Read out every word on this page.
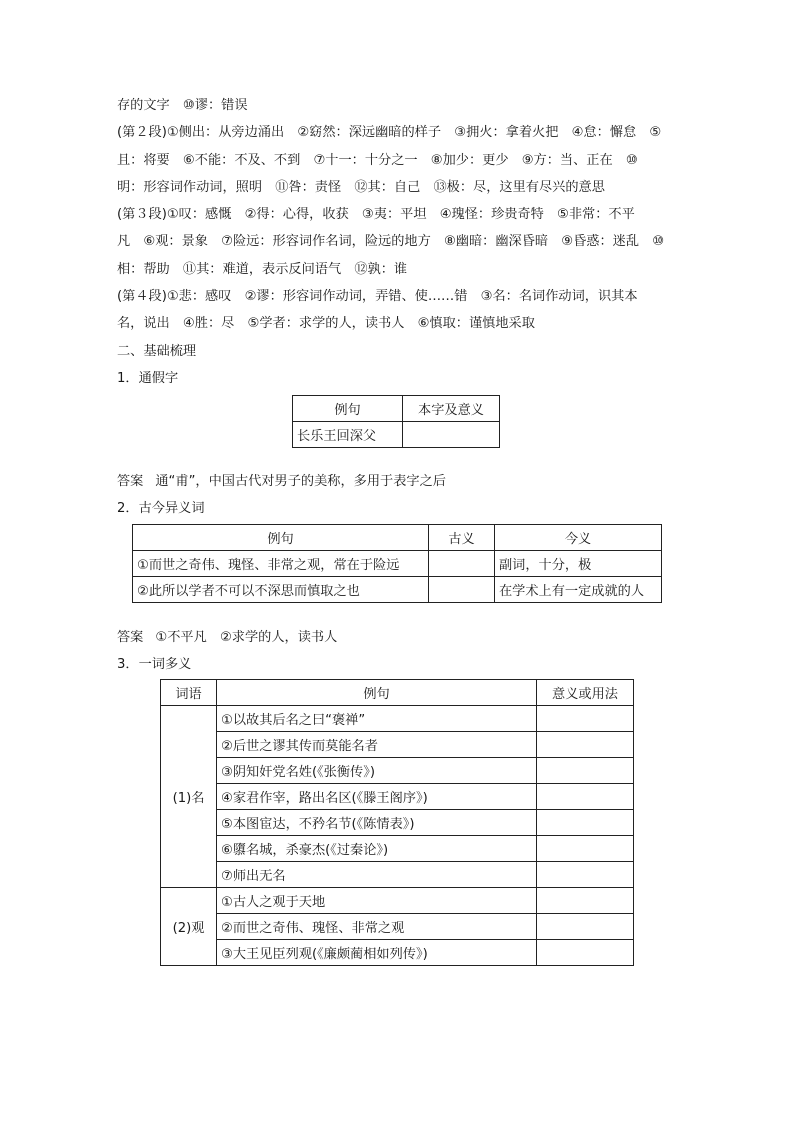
存的文字　⑩谬：错误
(第２段)①侧出：从旁边涌出　②窈然：深远幽暗的样子　③拥火：拿着火把　④怠：懈怠　⑤
且：将要　⑥不能：不及、不到　⑦十一：十分之一　⑧加少：更少　⑨方：当、正在　⑩
明：形容词作动词，照明　⑪咎：责怪　⑫其：自己　⑬极：尽，这里有尽兴的意思
(第３段)①叹：感慨　②得：心得，收获　③夷：平坦　④瑰怪：珍贵奇特　⑤非常：不平
凡　⑥观：景象　⑦险远：形容词作名词，险远的地方　⑧幽暗：幽深昏暗　⑨昏惑：迷乱　⑩
相：帮助　⑪其：难道，表示反问语气　⑫孰：谁
(第４段)①悲：感叹　②谬：形容词作动词，弄错、使……错　③名：名词作动词，识其本
名，说出　④胜：尽　⑤学者：求学的人，读书人　⑥慎取：谨慎地采取
二、基础梳理
1．通假字
例句	本字及意义
长乐王回深父	
答案 通“甫”，中国古代对男子的美称，多用于表字之后
2．古今异义词
例句	古义	今义
①而世之奇伟、瑰怪、非常之观，常在于险远		副词，十分，极
②此所以学者不可以不深思而慎取之也		在学术上有一定成就的人
答案 ①不平凡　②求学的人，读书人
3．一词多义
词语	例句	意义或用法
(1)名	①以故其后名之曰“褒禅”	
	②后世之谬其传而莫能名者	
	③阴知奸党名姓(《张衡传》)	
	④家君作宰，路出名区(《滕王阁序》)	
	⑤本图宦达，不矜名节(《陈情表》)	
	⑥隳名城，杀豪杰(《过秦论》)	
	⑦师出无名	
(2)观	①古人之观于天地	
	②而世之奇伟、瑰怪、非常之观	
	③大王见臣列观(《廉颇蔺相如列传》)	
